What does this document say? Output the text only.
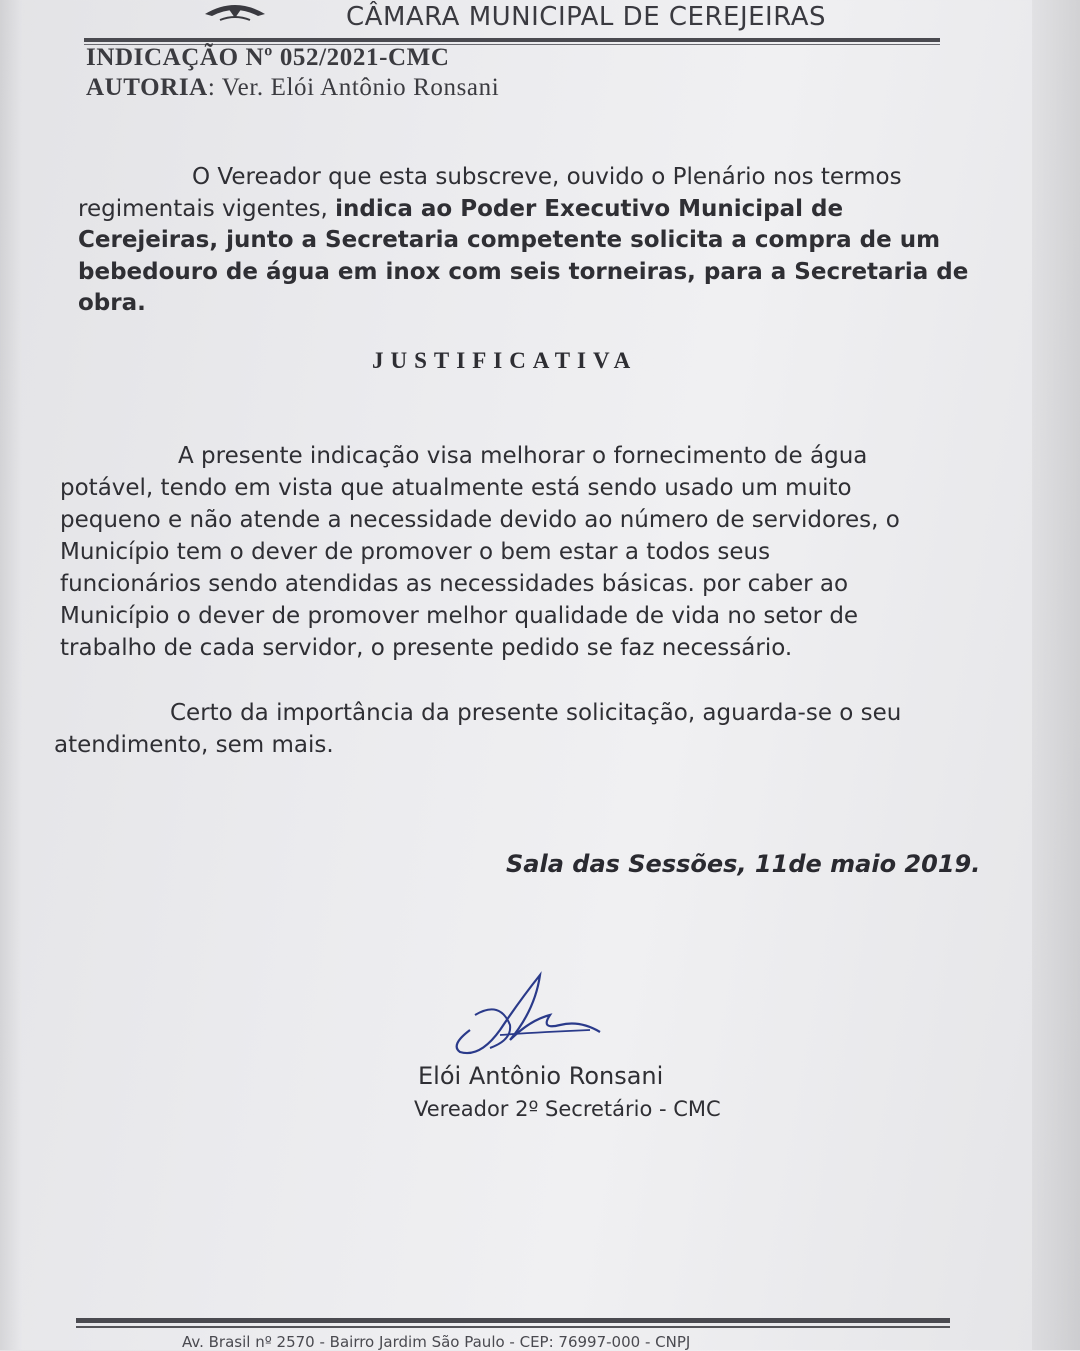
CÂMARA MUNICIPAL DE CEREJEIRAS
INDICAÇÃO Nº 052/2021-CMC
AUTORIA: Ver. Elói Antônio Ronsani
O Vereador que esta subscreve, ouvido o Plenário nos termos
regimentais vigentes, indica ao Poder Executivo Municipal de
Cerejeiras, junto a Secretaria competente solicita a compra de um
bebedouro de água em inox com seis torneiras, para a Secretaria de
obra.
JUSTIFICATIVA
A presente indicação visa melhorar o fornecimento de água
potável, tendo em vista que atualmente está sendo usado um muito
pequeno e não atende a necessidade devido ao número de servidores, o
Município tem o dever de promover o bem estar a todos seus
funcionários sendo atendidas as necessidades básicas. por caber ao
Município o dever de promover melhor qualidade de vida no setor de
trabalho de cada servidor, o presente pedido se faz necessário.
Certo da importância da presente solicitação, aguarda-se o seu
atendimento, sem mais.
Sala das Sessões, 11de maio 2019.
Elói Antônio Ronsani
Vereador 2º Secretário - CMC
Av. Brasil nº 2570 - Bairro Jardim São Paulo - CEP: 76997-000 - CNPJ
